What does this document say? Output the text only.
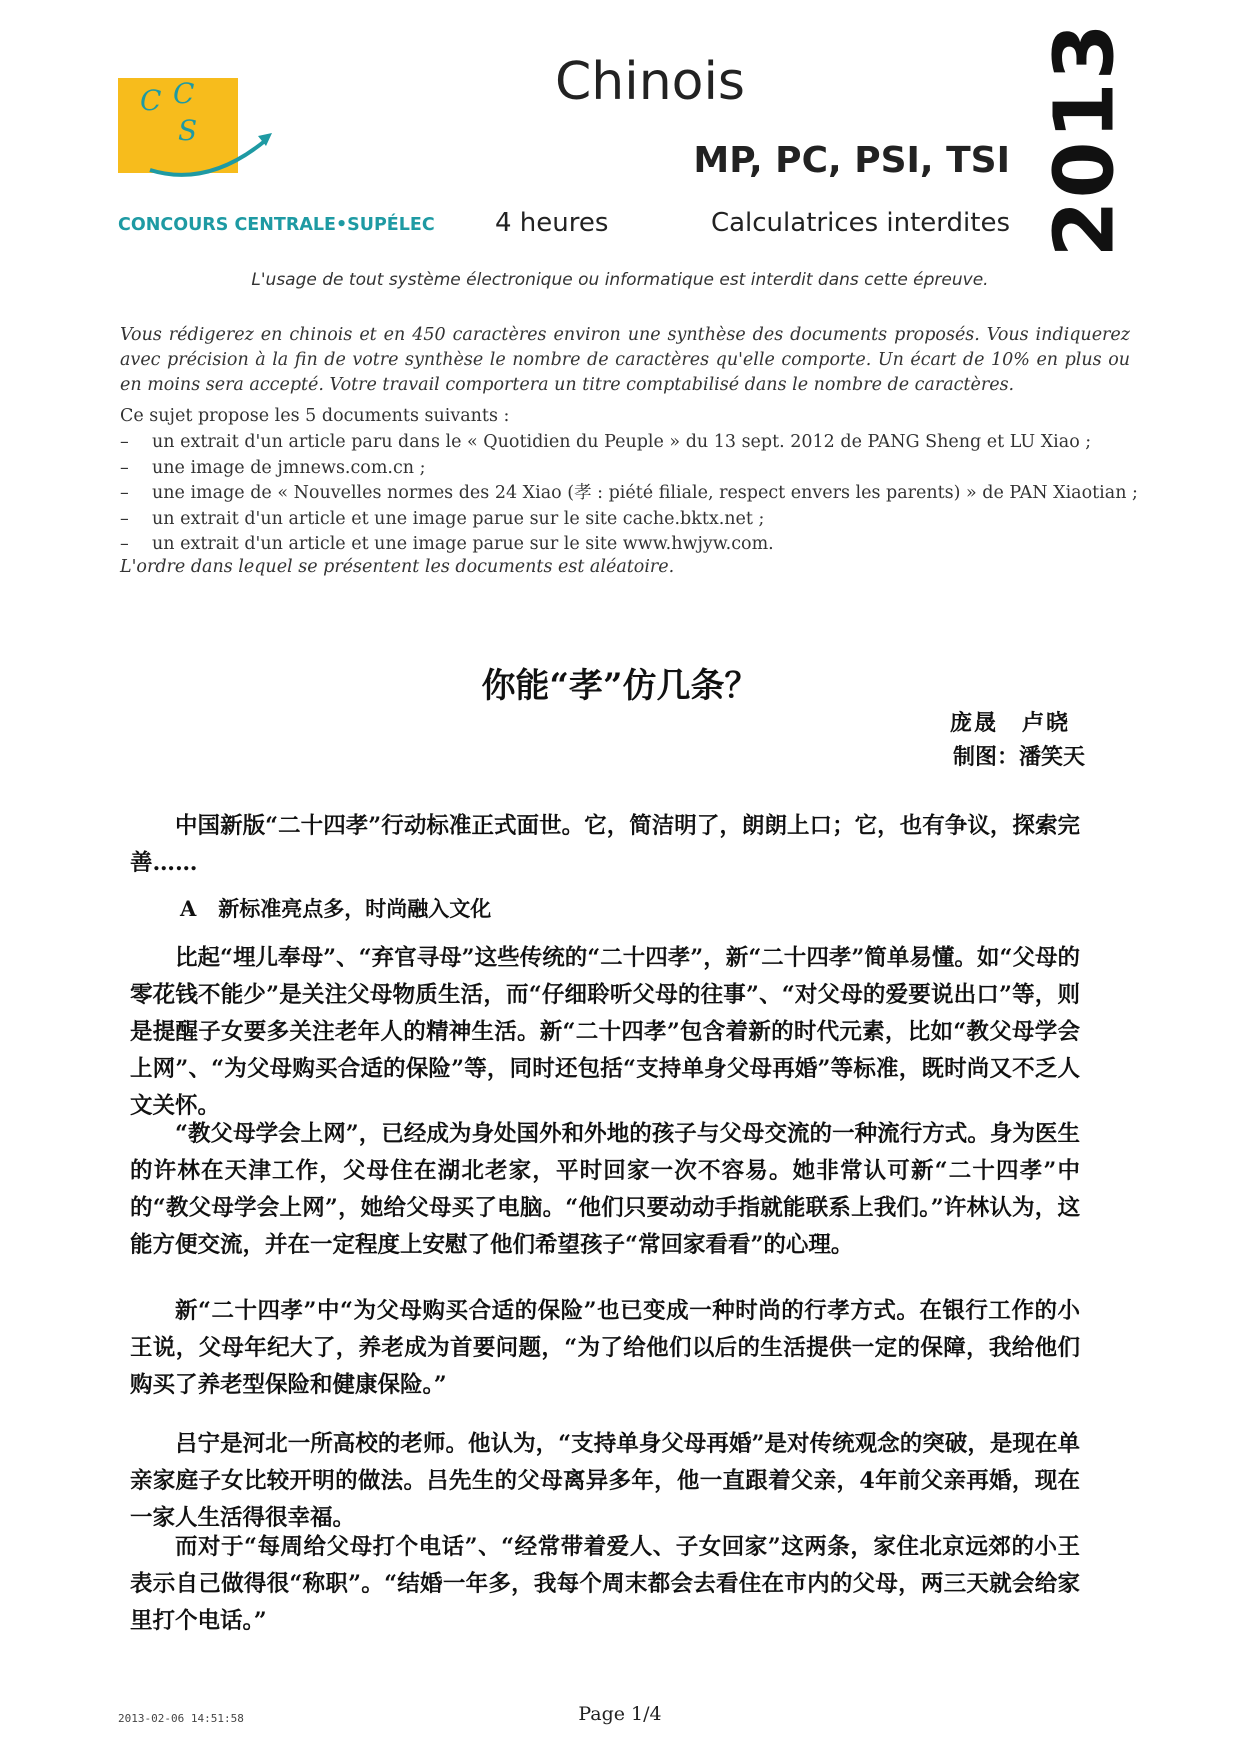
C C
S
CONCOURS CENTRALE•SUPÉLEC
Chinois
MP, PC, PSI, TSI
4 heures	Calculatrices interdites 2013
L'usage de tout système électronique ou informatique est interdit dans cette épreuve.
Vous rédigerez en chinois et en 450 caractères environ une synthèse des documents proposés. Vous indiquerez avec précision à la fin de votre synthèse le nombre de caractères qu'elle comporte. Un écart de 10% en plus ou en moins sera accepté. Votre travail comportera un titre comptabilisé dans le nombre de caractères.
Ce sujet propose les 5 documents suivants :
– un extrait d'un article paru dans le « Quotidien du Peuple » du 13 sept. 2012 de PANG Sheng et LU Xiao ;
– une image de jmnews.com.cn ;
– une image de « Nouvelles normes des 24 Xiao (孝 : piété filiale, respect envers les parents) » de PAN Xiaotian ;
– un extrait d'un article et une image parue sur le site cache.bktx.net ;
– un extrait d'un article et une image parue sur le site www.hwjyw.com.
L'ordre dans lequel se présentent les documents est aléatoire.
你能“孝”仿几条？
庞晟　卢晓
制图：潘笑天

中国新版“二十四孝”行动标准正式面世。它，简洁明了，朗朗上口；它，也有争议，探索完善……

A 新标准亮点多，时尚融入文化

比起“埋儿奉母”、“弃官寻母”这些传统的“二十四孝”，新“二十四孝”简单易懂。如“父母的零花钱不能少”是关注父母物质生活，而“仔细聆听父母的往事”、“对父母的爱要说出口”等，则是提醒子女要多关注老年人的精神生活。新“二十四孝”包含着新的时代元素，比如“教父母学会上网”、“为父母购买合适的保险”等，同时还包括“支持单身父母再婚”等标准，既时尚又不乏人文关怀。

“教父母学会上网”，已经成为身处国外和外地的孩子与父母交流的一种流行方式。身为医生的许林在天津工作，父母住在湖北老家，平时回家一次不容易。她非常认可新“二十四孝”中的“教父母学会上网”，她给父母买了电脑。“他们只要动动手指就能联系上我们。”许林认为，这能方便交流，并在一定程度上安慰了他们希望孩子“常回家看看”的心理。

新“二十四孝”中“为父母购买合适的保险”也已变成一种时尚的行孝方式。在银行工作的小王说，父母年纪大了，养老成为首要问题，“为了给他们以后的生活提供一定的保障，我给他们购买了养老型保险和健康保险。”

吕宁是河北一所高校的老师。他认为，“支持单身父母再婚”是对传统观念的突破，是现在单亲家庭子女比较开明的做法。吕先生的父母离异多年，他一直跟着父亲，4年前父亲再婚，现在一家人生活得很幸福。

而对于“每周给父母打个电话”、“经常带着爱人、子女回家”这两条，家住北京远郊的小王表示自己做得很“称职”。“结婚一年多，我每个周末都会去看住在市内的父母，两三天就会给家里打个电话。”

2013-02-06 14:51:58	Page 1/4
